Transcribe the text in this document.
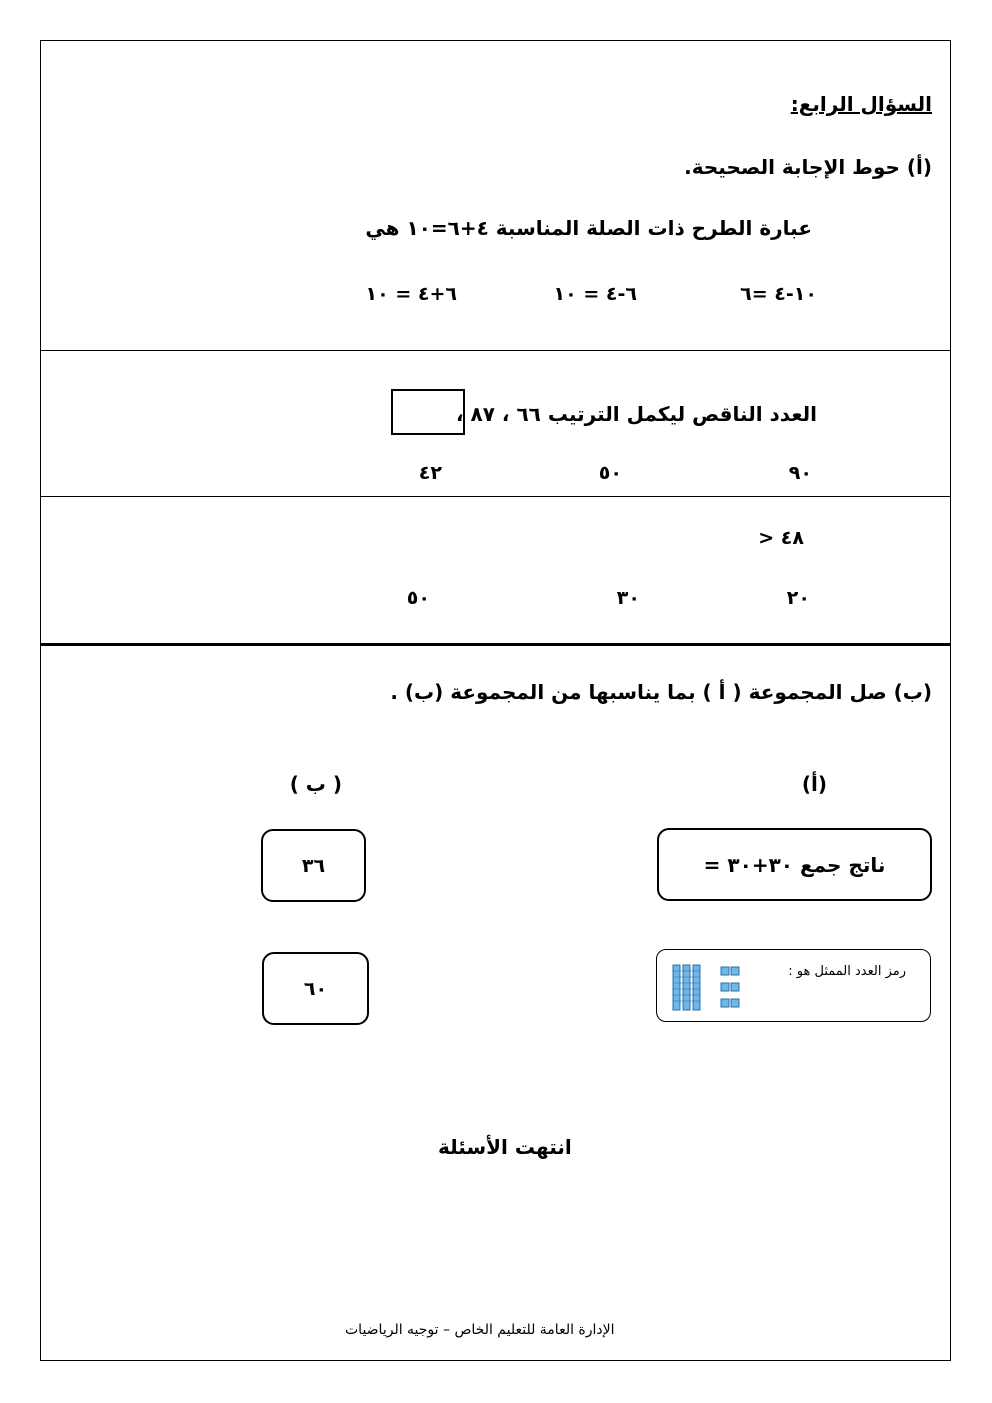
السؤال الرابع:
(أ) حوط الإجابة الصحيحة.
عبارة الطرح ذات الصلة المناسبة ٤+٦=١٠ هي
١٠-٤ =٦
٦-٤ = ١٠
٦+٤ = ١٠
العدد الناقص ليكمل الترتيب ٦٦ ، ٨٧ ،
٩٠
٥٠
٤٢
٤٨ <
٢٠
٣٠
٥٠
(ب) صل المجموعة ( أ ) بما يناسبها من المجموعة (ب) .
(أ)
( ب )
ناتج جمع ٣٠+٣٠ =
رمز العدد الممثل هو :
٣٦
٦٠
انتهت الأسئلة
الإدارة العامة للتعليم الخاص – توجيه الرياضيات
